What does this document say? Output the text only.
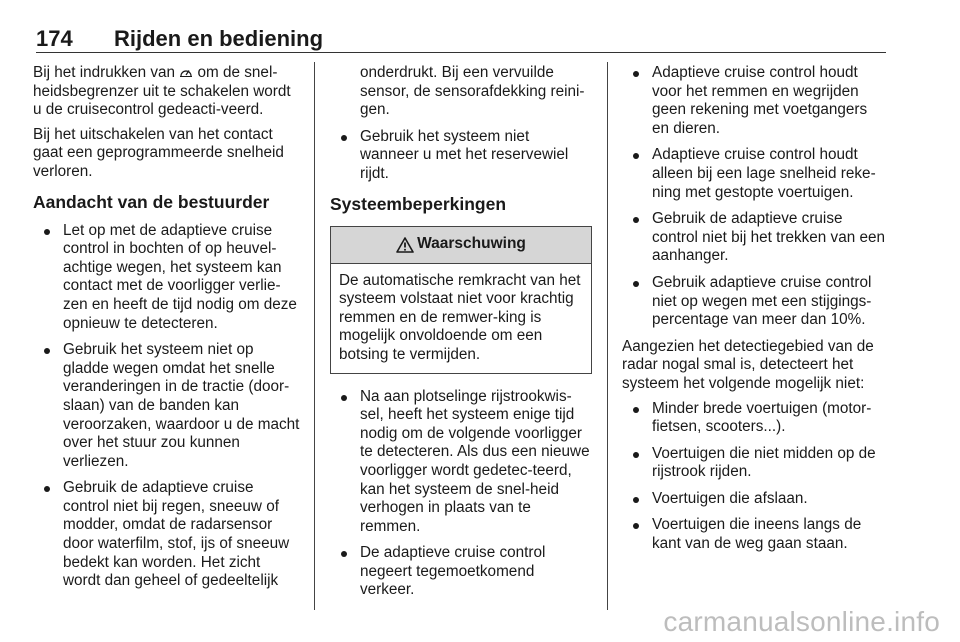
174 Rijden en bediening

Bij het indrukken van om de snel-heidsbegrenzer uit te schakelen wordt u de cruisecontrol gedeacti-veerd.

Bij het uitschakelen van het contact gaat een geprogrammeerde snelheid verloren.

Aandacht van de bestuurder
Let op met de adaptieve cruise control in bochten of op heuvel-achtige wegen, het systeem kan contact met de voorligger verlie-zen en heeft de tijd nodig om deze opnieuw te detecteren.
Gebruik het systeem niet op gladde wegen omdat het snelle veranderingen in de tractie (door-slaan) van de banden kan veroorzaken, waardoor u de macht over het stuur zou kunnen verliezen.
Gebruik de adaptieve cruise control niet bij regen, sneeuw of modder, omdat de radarsensor door waterfilm, stof, ijs of sneeuw bedekt kan worden. Het zicht wordt dan geheel of gedeeltelijk
onderdrukt. Bij een vervuilde sensor, de sensorafdekking reini-gen.
Gebruik het systeem niet wanneer u met het reservewiel rijdt.
Systeembeperkingen
Waarschuwing
De automatische remkracht van het systeem volstaat niet voor krachtig remmen en de remwer-king is mogelijk onvoldoende om een botsing te vermijden.
Na aan plotselinge rijstrookwis-sel, heeft het systeem enige tijd nodig om de volgende voorligger te detecteren. Als dus een nieuwe voorligger wordt gedetec-teerd, kan het systeem de snel-heid verhogen in plaats van te remmen.
De adaptieve cruise control negeert tegemoetkomend verkeer.
Adaptieve cruise control houdt voor het remmen en wegrijden geen rekening met voetgangers en dieren.
Adaptieve cruise control houdt alleen bij een lage snelheid reke-ning met gestopte voertuigen.
Gebruik de adaptieve cruise control niet bij het trekken van een aanhanger.
Gebruik adaptieve cruise control niet op wegen met een stijgings-percentage van meer dan 10%.

Aangezien het detectiegebied van de radar nogal smal is, detecteert het systeem het volgende mogelijk niet:

Minder brede voertuigen (motor-fietsen, scooters...).
Voertuigen die niet midden op de rijstrook rijden.
Voertuigen die afslaan.
Voertuigen die ineens langs de kant van de weg gaan staan.
carmanualsonline.info
